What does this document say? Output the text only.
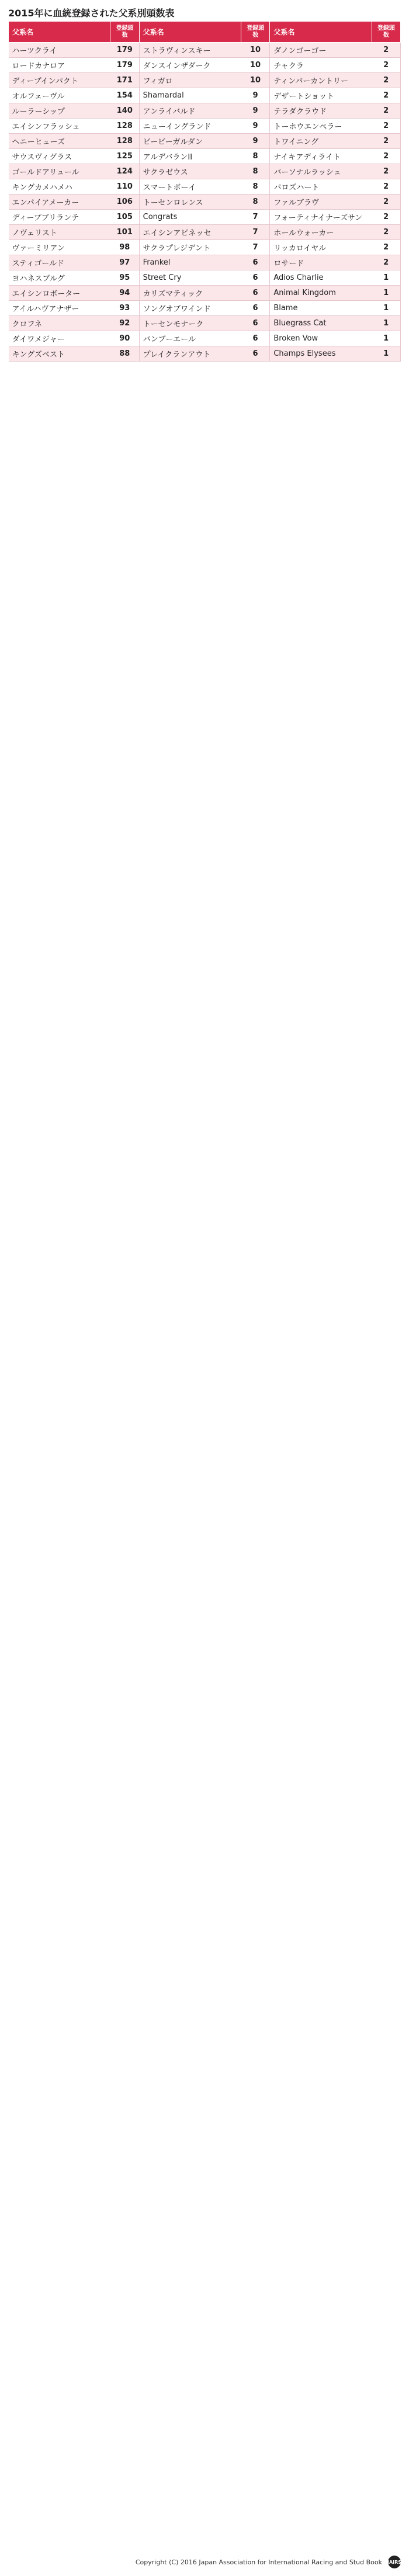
2015年に血統登録された父系別頭数表
父系名	登録頭数	父系名	登録頭数	父系名	登録頭数
ハーツクライ	179	ストラヴィンスキー	10	ダノンゴーゴー	2
ロードカナロア	179	ダンスインザダーク	10	チャクラ	2
ディープインパクト	171	フィガロ	10	ティンバーカントリー	2
オルフェーヴル	154	Shamardal	9	デザートショット	2
ルーラーシップ	140	アンライバルド	9	テラダクラウド	2
エイシンフラッシュ	128	ニューイングランド	9	トーホウエンペラー	2
ヘニーヒューズ	128	ビービーガルダン	9	トワイニング	2
サウスヴィグラス	125	アルデバランII	8	ナイキアディライト	2
ゴールドアリュール	124	サクラゼウス	8	バーソナルラッシュ	2
キングカメハメハ	110	スマートボーイ	8	パロズハート	2
エンパイアメーカー	106	トーセンロレンス	8	ファルブラヴ	2
ディープブリランテ	105	Congrats	7	フォーティナイナーズサン	2
ノヴェリスト	101	エイシンアピネッセ	7	ホールウォーカー	2
ヴァーミリアン	98	サクラプレジデント	7	リッカロイヤル	2
スティゴールド	97	Frankel	6	ロサード	2
ヨハネスブルグ	95	Street Cry	6	Adios Charlie	1
エイシンロボーター	94	カリズマティック	6	Animal Kingdom	1
アイルハヴアナザー	93	ソングオブワインド	6	Blame	1
クロフネ	92	トーセンモナーク	6	Bluegrass Cat	1
ダイワメジャー	90	バンブーエール	6	Broken Vow	1
キングズベスト	88	プレイクランアウト	6	Champs Elysees	1
Copyright (C) 2016 Japan Association for International Racing and Stud Book JAIRS
